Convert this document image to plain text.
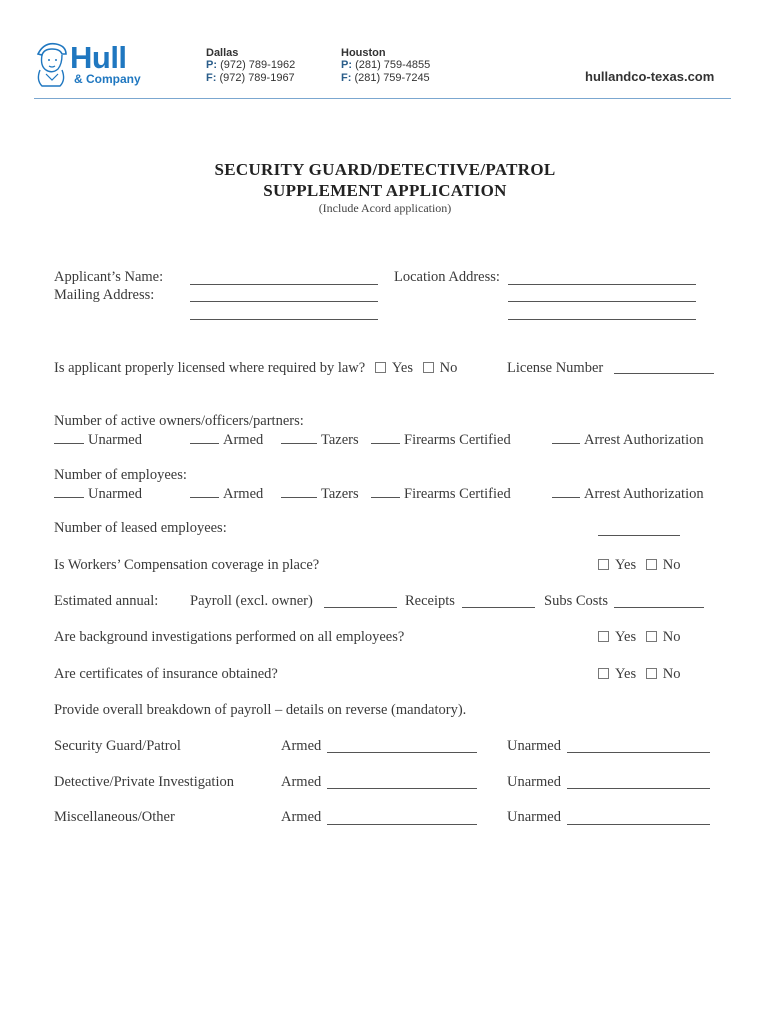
Hull
& Company
Dallas
P: (972) 789-1962
F: (972) 789-1967
Houston
P: (281) 759-4855
F: (281) 759-7245	hullandco-texas.com
SECURITY GUARD/DETECTIVE/PATROL
SUPPLEMENT APPLICATION
(Include Acord application)
Applicant’s Name:
Mailing Address:
Location Address:
Is applicant properly licensed where required by law? Yes No	License Number
Number of active owners/officers/partners:
Unarmed	Armed	Tazers	Firearms Certified	Arrest Authorization
Number of employees:
Unarmed	Armed	Tazers	Firearms Certified	Arrest Authorization
Number of leased employees:
Is Workers’ Compensation coverage in place?	Yes No
Estimated annual: Payroll (excl. owner)	Receipts	Subs Costs
Are background investigations performed on all employees?	Yes No
Are certificates of insurance obtained?	Yes No
Provide overall breakdown of payroll – details on reverse (mandatory).
Security Guard/Patrol	Armed	Unarmed
Detective/Private Investigation	Armed	Unarmed
Miscellaneous/Other	Armed	Unarmed
